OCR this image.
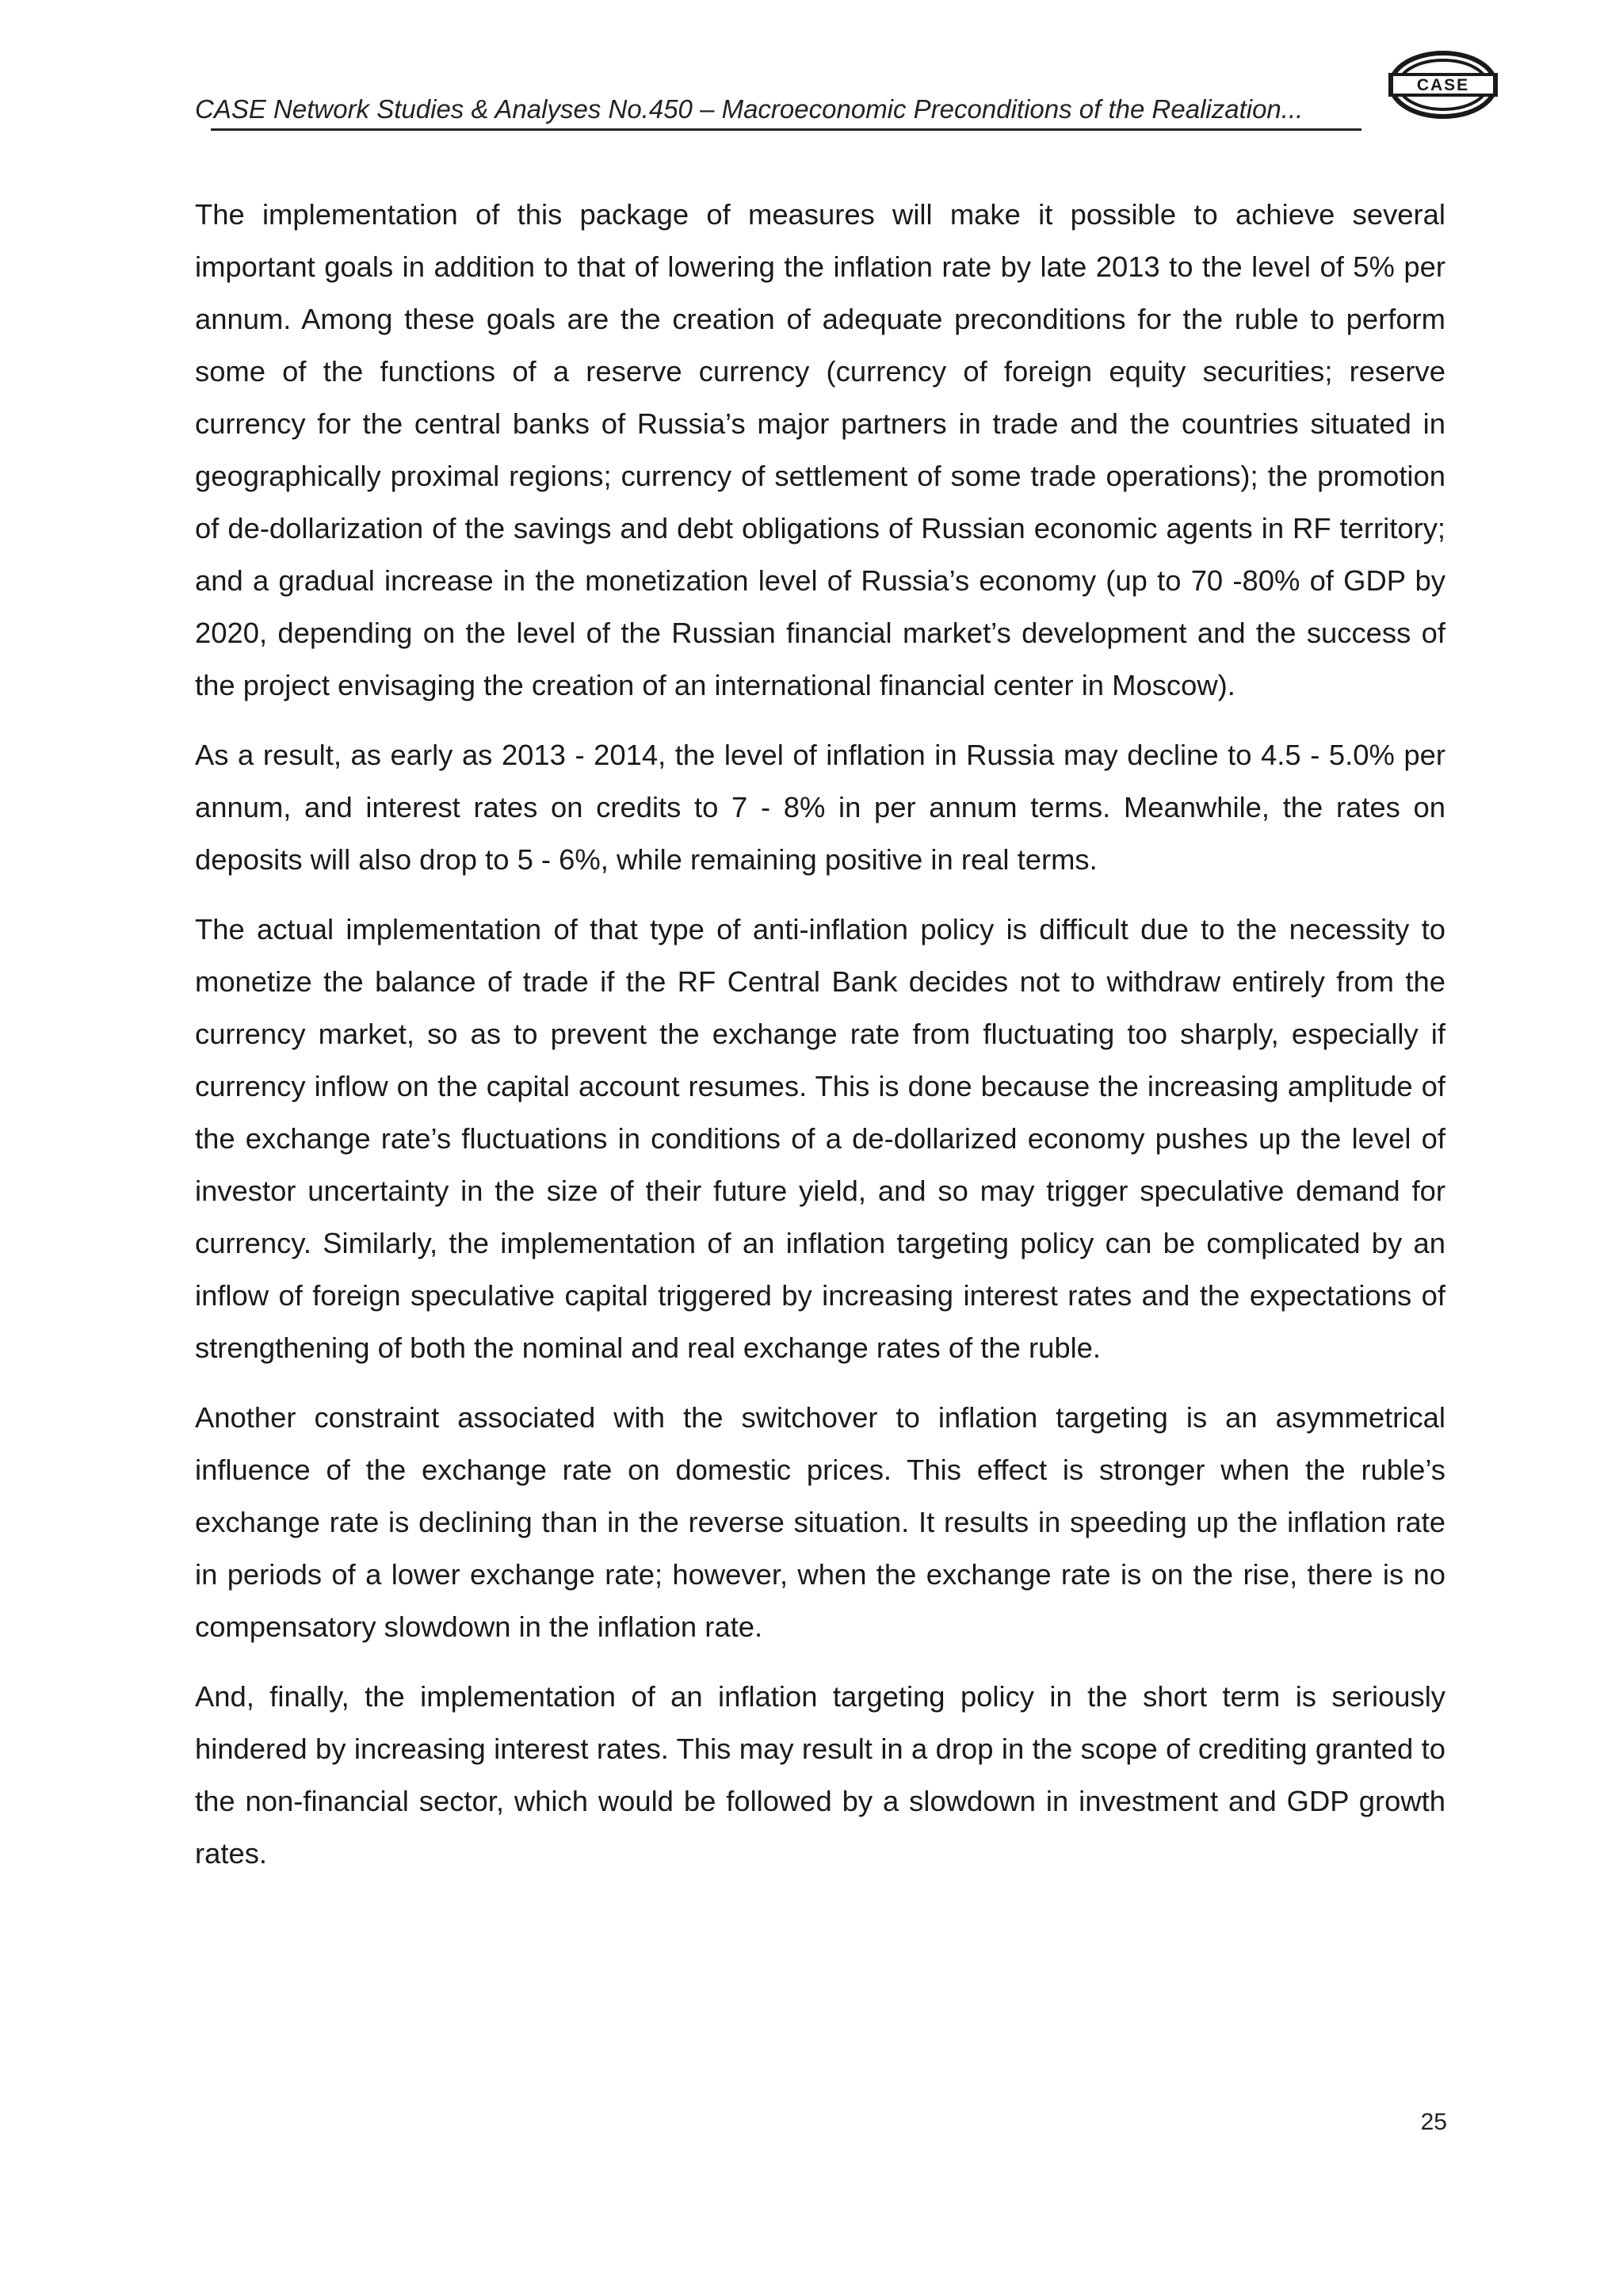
CASE Network Studies & Analyses No.450 – Macroeconomic Preconditions of the Realization...
CASE

The implementation of this package of measures will make it possible to achieve several important goals in addition to that of lowering the inflation rate by late 2013 to the level of 5% per annum. Among these goals are the creation of adequate preconditions for the ruble to perform some of the functions of a reserve currency (currency of foreign equity securities; reserve currency for the central banks of Russia’s major partners in trade and the countries situated in geographically proximal regions; currency of settlement of some trade operations); the promotion of de-dollarization of the savings and debt obligations of Russian economic agents in RF territory; and a gradual increase in the monetization level of Russia’s economy (up to 70 -80% of GDP by 2020, depending on the level of the Russian financial market’s development and the success of the project envisaging the creation of an international financial center in Moscow).

As a result, as early as 2013 - 2014, the level of inflation in Russia may decline to 4.5 - 5.0% per annum, and interest rates on credits to 7 - 8% in per annum terms. Meanwhile, the rates on deposits will also drop to 5 - 6%, while remaining positive in real terms.

The actual implementation of that type of anti-inflation policy is difficult due to the necessity to monetize the balance of trade if the RF Central Bank decides not to withdraw entirely from the currency market, so as to prevent the exchange rate from fluctuating too sharply, especially if currency inflow on the capital account resumes. This is done because the increasing amplitude of the exchange rate’s fluctuations in conditions of a de-dollarized economy pushes up the level of investor uncertainty in the size of their future yield, and so may trigger speculative demand for currency. Similarly, the implementation of an inflation targeting policy can be complicated by an inflow of foreign speculative capital triggered by increasing interest rates and the expectations of strengthening of both the nominal and real exchange rates of the ruble.

Another constraint associated with the switchover to inflation targeting is an asymmetrical influence of the exchange rate on domestic prices. This effect is stronger when the ruble’s exchange rate is declining than in the reverse situation. It results in speeding up the inflation rate in periods of a lower exchange rate; however, when the exchange rate is on the rise, there is no compensatory slowdown in the inflation rate.

And, finally, the implementation of an inflation targeting policy in the short term is seriously hindered by increasing interest rates. This may result in a drop in the scope of crediting granted to the non-financial sector, which would be followed by a slowdown in investment and GDP growth rates.

25
